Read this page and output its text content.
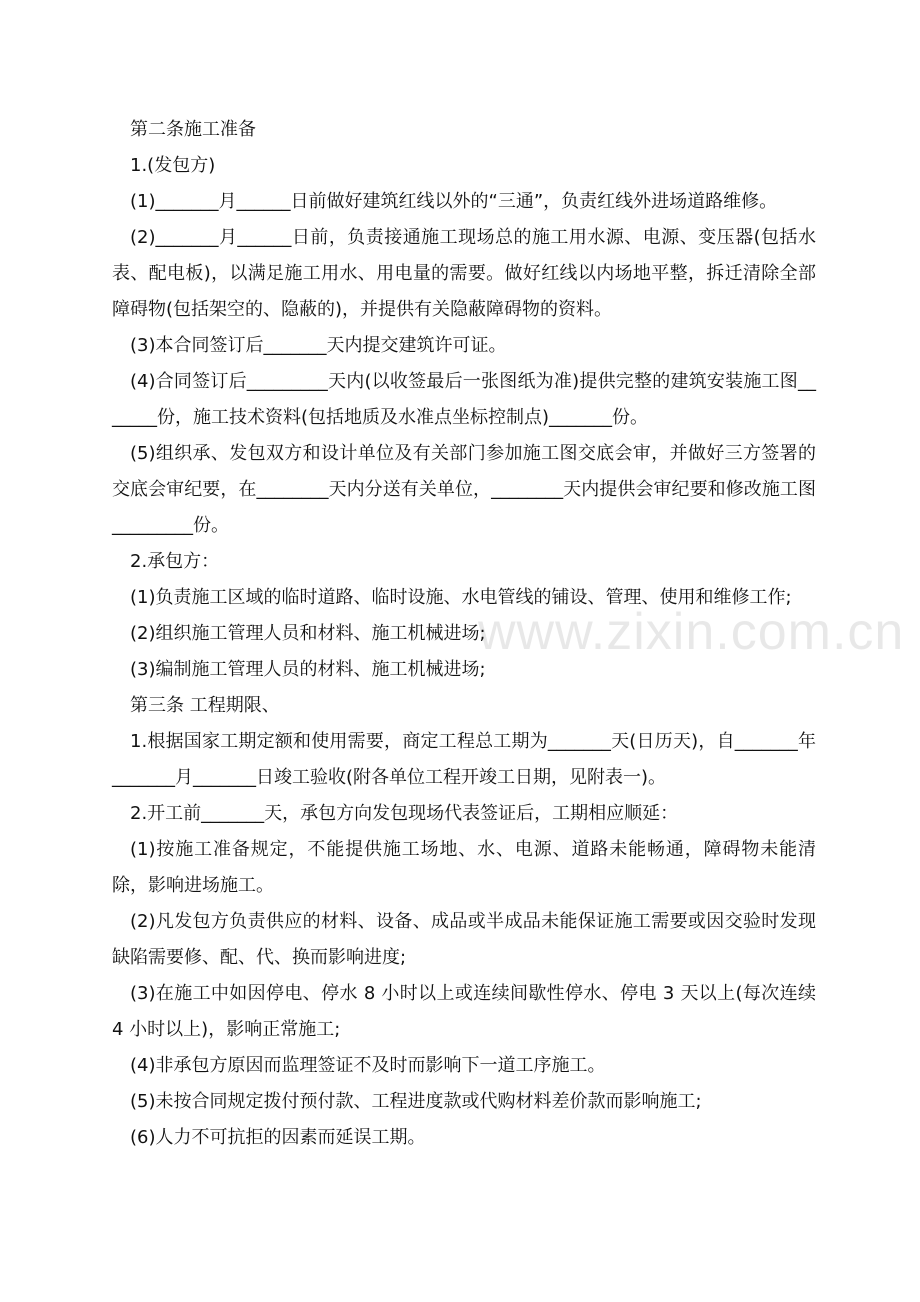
第二条施工准备

1.(发包方)

(1)_______月______日前做好建筑红线以外的“三通”，负责红线外进场道路维修。

(2)_______月______日前，负责接通施工现场总的施工用水源、电源、变压器(包括水表、配电板)，以满足施工用水、用电量的需要。做好红线以内场地平整，拆迁清除全部障碍物(包括架空的、隐蔽的)，并提供有关隐蔽障碍物的资料。

(3)本合同签订后_______天内提交建筑许可证。

(4)合同签订后_________天内(以收签最后一张图纸为准)提供完整的建筑安装施工图_______份，施工技术资料(包括地质及水准点坐标控制点)_______份。

(5)组织承、发包双方和设计单位及有关部门参加施工图交底会审，并做好三方签署的交底会审纪要，在________天内分送有关单位，________天内提供会审纪要和修改施工图_________份。

2.承包方：

(1)负责施工区域的临时道路、临时设施、水电管线的铺设、管理、使用和维修工作;

(2)组织施工管理人员和材料、施工机械进场;

(3)编制施工管理人员的材料、施工机械进场;

第三条 工程期限、

1.根据国家工期定额和使用需要，商定工程总工期为_______天(日历天)，自_______年_______月_______日竣工验收(附各单位工程开竣工日期，见附表一)。

2.开工前_______天，承包方向发包现场代表签证后，工期相应顺延：

(1)按施工准备规定，不能提供施工场地、水、电源、道路未能畅通，障碍物未能清除，影响进场施工。

(2)凡发包方负责供应的材料、设备、成品或半成品未能保证施工需要或因交验时发现缺陷需要修、配、代、换而影响进度;

(3)在施工中如因停电、停水 8 小时以上或连续间歇性停水、停电 3 天以上(每次连续 4 小时以上)，影响正常施工;

(4)非承包方原因而监理签证不及时而影响下一道工序施工。

(5)未按合同规定拨付预付款、工程进度款或代购材料差价款而影响施工;

(6)人力不可抗拒的因素而延误工期。

www.zixin.com.cn
